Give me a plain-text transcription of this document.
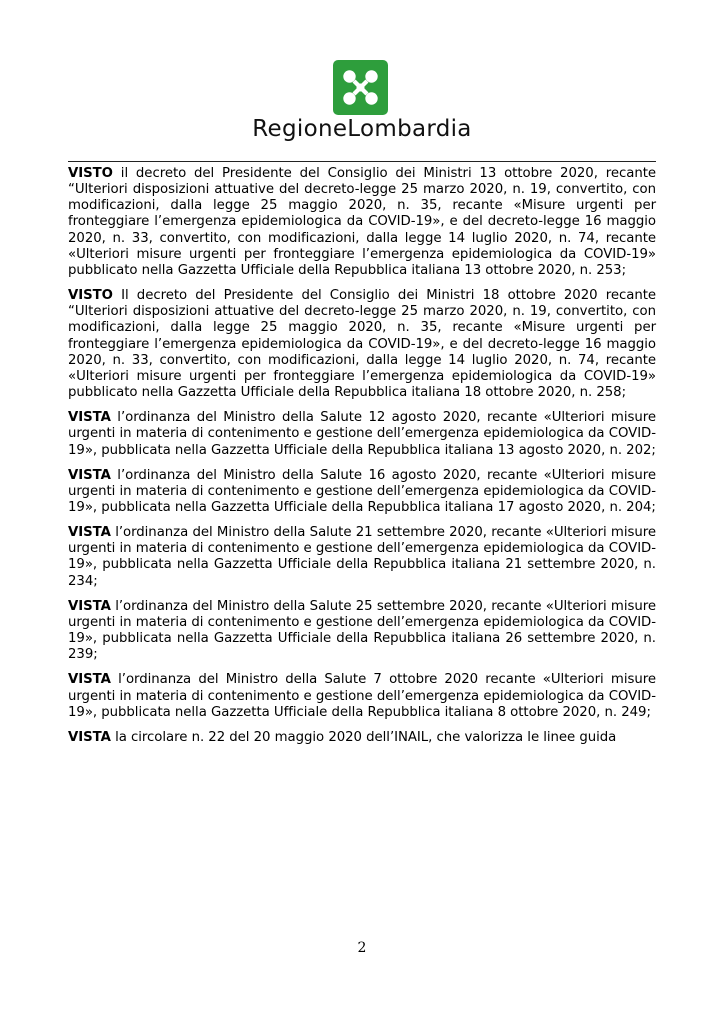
RegioneLombardia

VISTO il decreto del Presidente del Consiglio dei Ministri 13 ottobre 2020, recante “Ulteriori disposizioni attuative del decreto-legge 25 marzo 2020, n. 19, convertito, con modificazioni, dalla legge 25 maggio 2020, n. 35, recante «Misure urgenti per fronteggiare l’emergenza epidemiologica da COVID-19», e del decreto-legge 16 maggio 2020, n. 33, convertito, con modificazioni, dalla legge 14 luglio 2020, n. 74, recante «Ulteriori misure urgenti per fronteggiare l’emergenza epidemiologica da COVID-19» pubblicato nella Gazzetta Ufficiale della Repubblica italiana 13 ottobre 2020, n. 253;

VISTO Il decreto del Presidente del Consiglio dei Ministri 18 ottobre 2020 recante “Ulteriori disposizioni attuative del decreto-legge 25 marzo 2020, n. 19, convertito, con modificazioni, dalla legge 25 maggio 2020, n. 35, recante «Misure urgenti per fronteggiare l’emergenza epidemiologica da COVID-19», e del decreto-legge 16 maggio 2020, n. 33, convertito, con modificazioni, dalla legge 14 luglio 2020, n. 74, recante «Ulteriori misure urgenti per fronteggiare l’emergenza epidemiologica da COVID-19» pubblicato nella Gazzetta Ufficiale della Repubblica italiana 18 ottobre 2020, n. 258;

VISTA l’ordinanza del Ministro della Salute 12 agosto 2020, recante «Ulteriori misure urgenti in materia di contenimento e gestione dell’emergenza epidemiologica da COVID-19», pubblicata nella Gazzetta Ufficiale della Repubblica italiana 13 agosto 2020, n. 202;

VISTA l’ordinanza del Ministro della Salute 16 agosto 2020, recante «Ulteriori misure urgenti in materia di contenimento e gestione dell’emergenza epidemiologica da COVID-19», pubblicata nella Gazzetta Ufficiale della Repubblica italiana 17 agosto 2020, n. 204;

VISTA l’ordinanza del Ministro della Salute 21 settembre 2020, recante «Ulteriori misure urgenti in materia di contenimento e gestione dell’emergenza epidemiologica da COVID-19», pubblicata nella Gazzetta Ufficiale della Repubblica italiana 21 settembre 2020, n. 234;

VISTA l’ordinanza del Ministro della Salute 25 settembre 2020, recante «Ulteriori misure urgenti in materia di contenimento e gestione dell’emergenza epidemiologica da COVID-19», pubblicata nella Gazzetta Ufficiale della Repubblica italiana 26 settembre 2020, n. 239;

VISTA l’ordinanza del Ministro della Salute 7 ottobre 2020 recante «Ulteriori misure urgenti in materia di contenimento e gestione dell’emergenza epidemiologica da COVID-19», pubblicata nella Gazzetta Ufficiale della Repubblica italiana 8 ottobre 2020, n. 249;

VISTA la circolare n. 22 del 20 maggio 2020 dell’INAIL, che valorizza le linee guida

2
